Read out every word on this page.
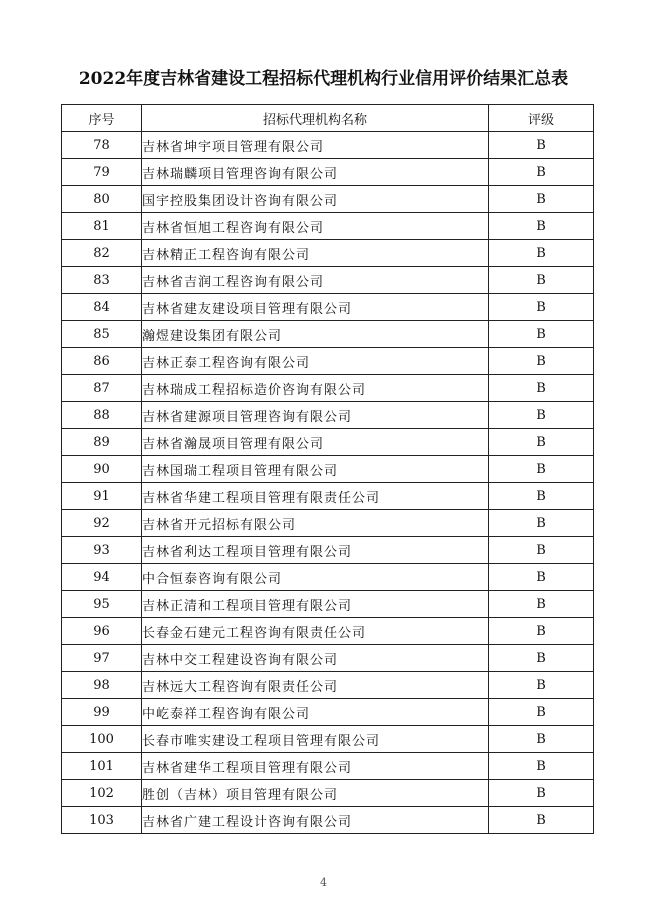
2022年度吉林省建设工程招标代理机构行业信用评价结果汇总表
序号	招标代理机构名称	评级
78	吉林省坤宇项目管理有限公司	B
79	吉林瑞麟项目管理咨询有限公司	B
80	国宇控股集团设计咨询有限公司	B
81	吉林省恒旭工程咨询有限公司	B
82	吉林精正工程咨询有限公司	B
83	吉林省吉润工程咨询有限公司	B
84	吉林省建友建设项目管理有限公司	B
85	瀚煜建设集团有限公司	B
86	吉林正泰工程咨询有限公司	B
87	吉林瑞成工程招标造价咨询有限公司	B
88	吉林省建源项目管理咨询有限公司	B
89	吉林省瀚晟项目管理有限公司	B
90	吉林国瑞工程项目管理有限公司	B
91	吉林省华建工程项目管理有限责任公司	B
92	吉林省开元招标有限公司	B
93	吉林省利达工程项目管理有限公司	B
94	中合恒泰咨询有限公司	B
95	吉林正清和工程项目管理有限公司	B
96	长春金石建元工程咨询有限责任公司	B
97	吉林中交工程建设咨询有限公司	B
98	吉林远大工程咨询有限责任公司	B
99	中屹泰祥工程咨询有限公司	B
100	长春市唯实建设工程项目管理有限公司	B
101	吉林省建华工程项目管理有限公司	B
102	胜创（吉林）项目管理有限公司	B
103	吉林省广建工程设计咨询有限公司	B
4
